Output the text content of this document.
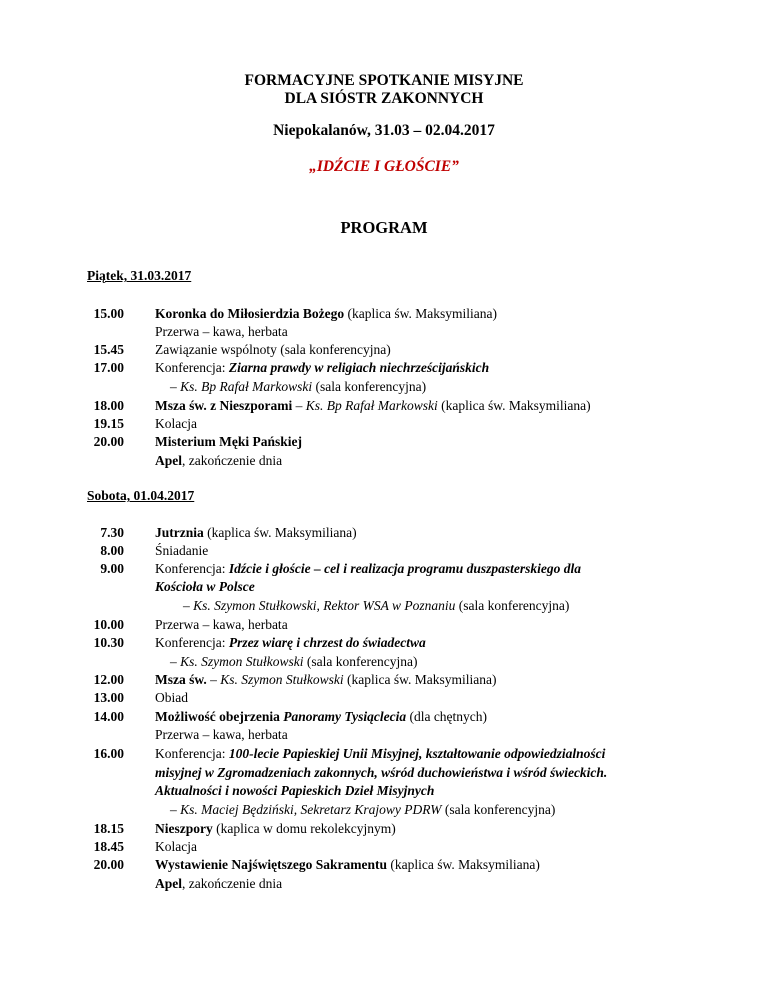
FORMACYJNE SPOTKANIE MISYJNE
DLA SIÓSTR ZAKONNYCH
Niepokalanów, 31.03 – 02.04.2017
„IDŹCIE I GŁOŚCIE”
PROGRAM
Piątek, 31.03.2017
15.00
15.45
17.00
18.00
19.15
20.00
Koronka do Miłosierdzia Bożego (kaplica św. Maksymiliana)
Przerwa – kawa, herbata
Zawiązanie wspólnoty (sala konferencyjna)
Konferencja: Ziarna prawdy w religiach niechrześcijańskich
– Ks. Bp Rafał Markowski (sala konferencyjna)
Msza św. z Nieszporami – Ks. Bp Rafał Markowski (kaplica św. Maksymiliana)
Kolacja
Misterium Męki Pańskiej
Apel, zakończenie dnia
Sobota, 01.04.2017
7.30
8.00
9.00
10.00
10.30
12.00
13.00
14.00
16.00
18.15
18.45
20.00
Jutrznia (kaplica św. Maksymiliana)
Śniadanie
Konferencja: Idźcie i głoście – cel i realizacja programu duszpasterskiego dla
Kościoła w Polsce
– Ks. Szymon Stułkowski, Rektor WSA w Poznaniu (sala konferencyjna)
Przerwa – kawa, herbata
Konferencja: Przez wiarę i chrzest do świadectwa
– Ks. Szymon Stułkowski (sala konferencyjna)
Msza św. – Ks. Szymon Stułkowski (kaplica św. Maksymiliana)
Obiad
Możliwość obejrzenia Panoramy Tysiąclecia (dla chętnych)
Przerwa – kawa, herbata
Konferencja: 100-lecie Papieskiej Unii Misyjnej, kształtowanie odpowiedzialności
misyjnej w Zgromadzeniach zakonnych, wśród duchowieństwa i wśród świeckich.
Aktualności i nowości Papieskich Dzieł Misyjnych
– Ks. Maciej Będziński, Sekretarz Krajowy PDRW (sala konferencyjna)
Nieszpory (kaplica w domu rekolekcyjnym)
Kolacja
Wystawienie Najświętszego Sakramentu (kaplica św. Maksymiliana)
Apel, zakończenie dnia
